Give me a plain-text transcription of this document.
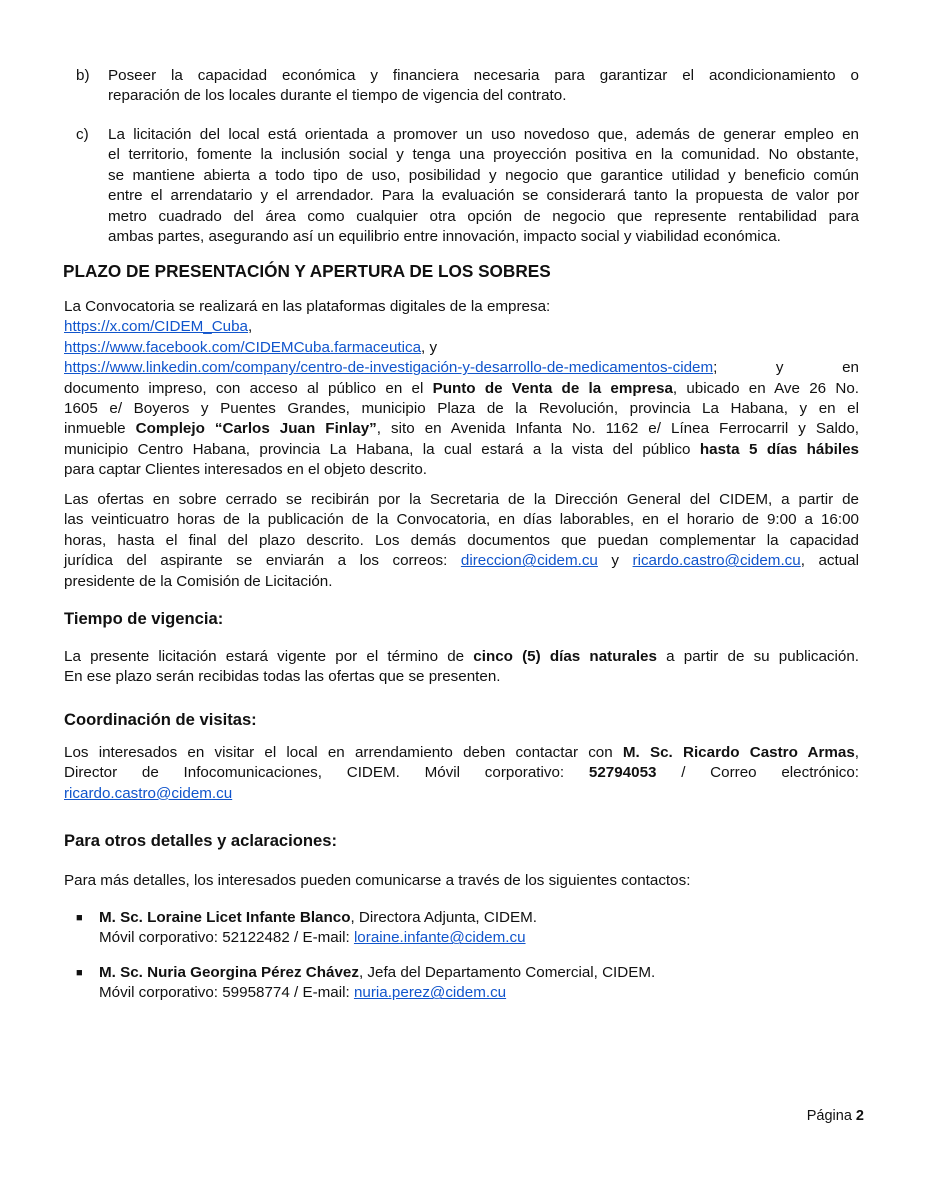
b) Poseer la capacidad económica y financiera necesaria para garantizar el acondicionamiento o
reparación de los locales durante el tiempo de vigencia del contrato.
c) La licitación del local está orientada a promover un uso novedoso que, además de generar empleo en
el territorio, fomente la inclusión social y tenga una proyección positiva en la comunidad. No obstante,
se mantiene abierta a todo tipo de uso, posibilidad y negocio que garantice utilidad y beneficio común
entre el arrendatario y el arrendador. Para la evaluación se considerará tanto la propuesta de valor por
metro cuadrado del área como cualquier otra opción de negocio que represente rentabilidad para
ambas partes, asegurando así un equilibrio entre innovación, impacto social y viabilidad económica.
PLAZO DE PRESENTACIÓN Y APERTURA DE LOS SOBRES
La Convocatoria se realizará en las plataformas digitales de la empresa:
https://x.com/CIDEM_Cuba,
https://www.facebook.com/CIDEMCuba.farmaceutica, y
https://www.linkedin.com/company/centro-de-investigación-y-desarrollo-de-medicamentos-cidem;	y	en
documento impreso, con acceso al público en el Punto de Venta de la empresa, ubicado en Ave 26 No.
1605 e/ Boyeros y Puentes Grandes, municipio Plaza de la Revolución, provincia La Habana, y en el
inmueble Complejo “Carlos Juan Finlay”, sito en Avenida Infanta No. 1162 e/ Línea Ferrocarril y Saldo,
municipio Centro Habana, provincia La Habana, la cual estará a la vista del público hasta 5 días hábiles
para captar Clientes interesados en el objeto descrito.
Las ofertas en sobre cerrado se recibirán por la Secretaria de la Dirección General del CIDEM, a partir de
las veinticuatro horas de la publicación de la Convocatoria, en días laborables, en el horario de 9:00 a 16:00
horas, hasta el final del plazo descrito. Los demás documentos que puedan complementar la capacidad
jurídica del aspirante se enviarán a los correos: direccion@cidem.cu y ricardo.castro@cidem.cu, actual
presidente de la Comisión de Licitación.
Tiempo de vigencia:
La presente licitación estará vigente por el término de cinco (5) días naturales a partir de su publicación.
En ese plazo serán recibidas todas las ofertas que se presenten.
Coordinación de visitas:
Los interesados en visitar el local en arrendamiento deben contactar con M. Sc. Ricardo Castro Armas,
Director de Infocomunicaciones, CIDEM. Móvil corporativo: 52794053 / Correo electrónico:
ricardo.castro@cidem.cu
Para otros detalles y aclaraciones:
Para más detalles, los interesados pueden comunicarse a través de los siguientes contactos:
■ M. Sc. Loraine Licet Infante Blanco, Directora Adjunta, CIDEM.
Móvil corporativo: 52122482 / E-mail: loraine.infante@cidem.cu
■ M. Sc. Nuria Georgina Pérez Chávez, Jefa del Departamento Comercial, CIDEM.
Móvil corporativo: 59958774 / E-mail: nuria.perez@cidem.cu
Página 2
